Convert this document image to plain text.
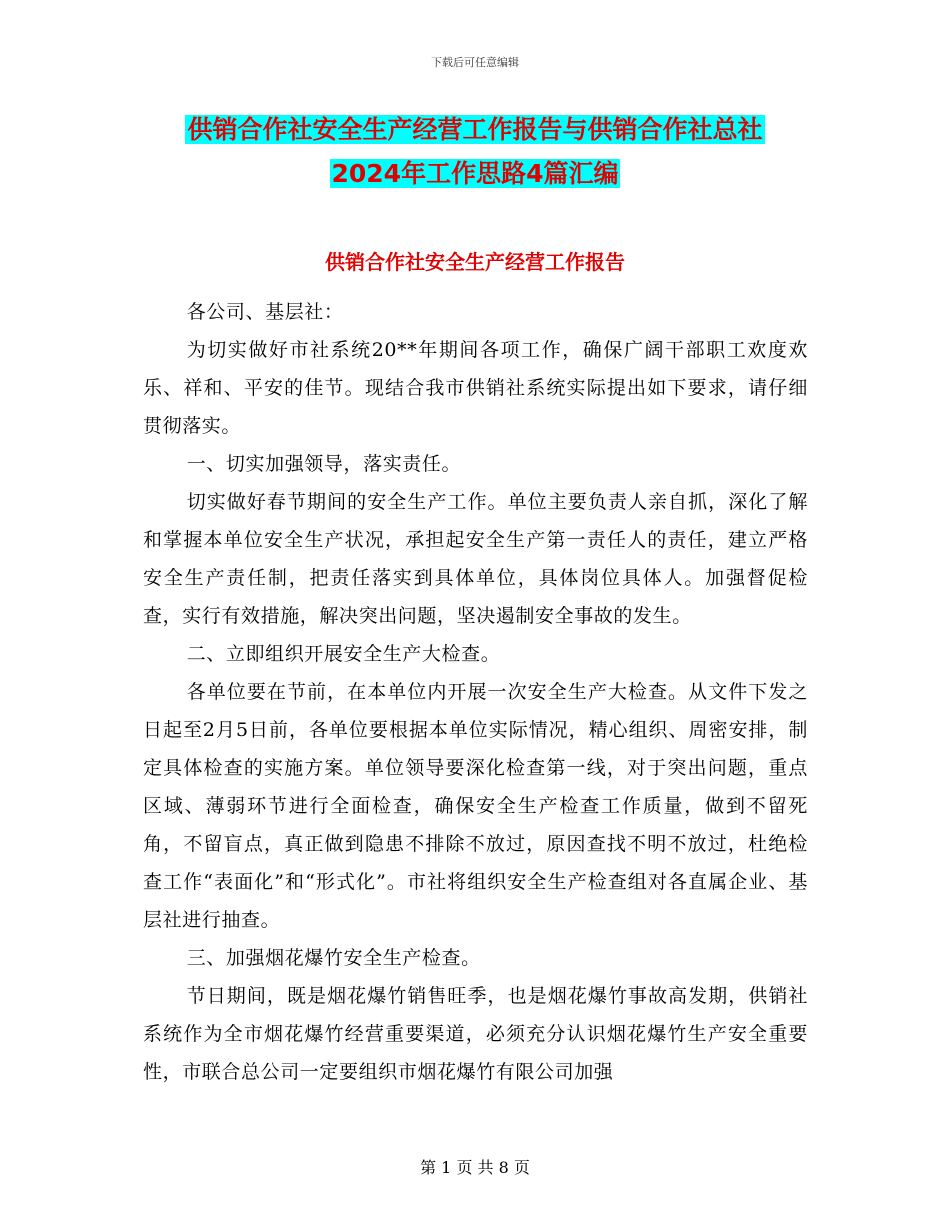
下载后可任意编辑
供销合作社安全生产经营工作报告与供销合作社总社
2024年工作思路4篇汇编
供销合作社安全生产经营工作报告

各公司、基层社：

为切实做好市社系统20**年期间各项工作，确保广阔干部职工欢度欢乐、祥和、平安的佳节。现结合我市供销社系统实际提出如下要求，请仔细贯彻落实。

一、切实加强领导，落实责任。

切实做好春节期间的安全生产工作。单位主要负责人亲自抓，深化了解和掌握本单位安全生产状况，承担起安全生产第一责任人的责任，建立严格安全生产责任制，把责任落实到具体单位，具体岗位具体人。加强督促检查，实行有效措施，解决突出问题，坚决遏制安全事故的发生。

二、立即组织开展安全生产大检查。

各单位要在节前，在本单位内开展一次安全生产大检查。从文件下发之日起至2月5日前，各单位要根据本单位实际情况，精心组织、周密安排，制定具体检查的实施方案。单位领导要深化检查第一线，对于突出问题，重点区域、薄弱环节进行全面检查，确保安全生产检查工作质量，做到不留死角，不留盲点，真正做到隐患不排除不放过，原因查找不明不放过，杜绝检查工作“表面化”和“形式化”。市社将组织安全生产检查组对各直属企业、基层社进行抽查。

三、加强烟花爆竹安全生产检查。

节日期间，既是烟花爆竹销售旺季，也是烟花爆竹事故高发期，供销社系统作为全市烟花爆竹经营重要渠道，必须充分认识烟花爆竹生产安全重要性，市联合总公司一定要组织市烟花爆竹有限公司加强

第 1 页 共 8 页
